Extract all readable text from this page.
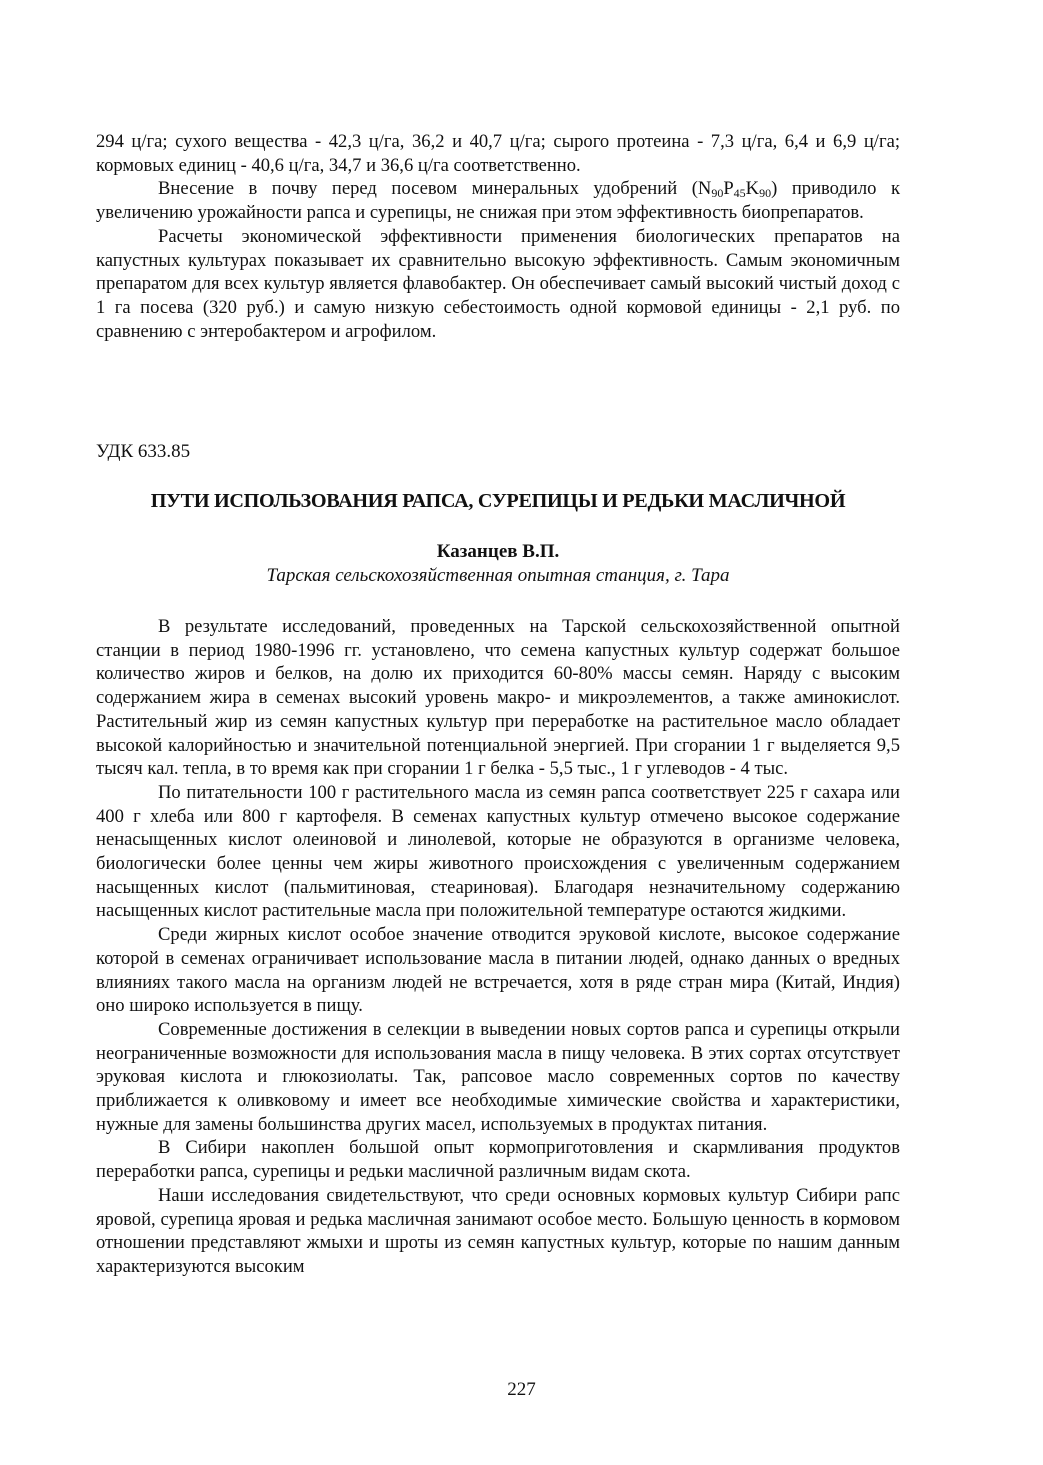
294 ц/га; сухого вещества - 42,3 ц/га, 36,2 и 40,7 ц/га; сырого протеина - 7,3 ц/га, 6,4 и 6,9 ц/га; кормовых единиц - 40,6 ц/га, 34,7 и 36,6 ц/га соответственно.

Внесение в почву перед посевом минеральных удобрений $(N_{90}P_{45}K_{90})$ приводило к увеличению урожайности рапса и сурепицы, не снижая при этом эффективность биопрепаратов.

Расчеты экономической эффективности применения биологических препаратов на капустных культурах показывает их сравнительно высокую эффективность. Самым экономичным препаратом для всех культур является флавобактер. Он обеспечивает самый высокий чистый доход с 1 га посева (320 руб.) и самую низкую себестоимость одной кормовой единицы - 2,1 руб. по сравнению с энтеробактером и агрофилом.

УДК 633.85

ПУТИ ИСПОЛЬЗОВАНИЯ РАПСА, СУРЕПИЦЫ И РЕДЬКИ МАСЛИЧНОЙ

Казанцев В.П.

Тарская сельскохозяйственная опытная станция, г. Тара

В результате исследований, проведенных на Тарской сельскохозяйственной опытной станции в период 1980-1996 гг. установлено, что семена капустных культур содержат большое количество жиров и белков, на долю их приходится 60-80% массы семян. Наряду с высоким содержанием жира в семенах высокий уровень макро- и микроэлементов, а также аминокислот. Растительный жир из семян капустных культур при переработке на растительное масло обладает высокой калорийностью и значительной потенциальной энергией. При сгорании 1 г выделяется 9,5 тысяч кал. тепла, в то время как при сгорании 1 г белка - 5,5 тыс., 1 г углеводов - 4 тыс.

По питательности 100 г растительного масла из семян рапса соответствует 225 г сахара или 400 г хлеба или 800 г картофеля. В семенах капустных культур отмечено высокое содержание ненасыщенных кислот олеиновой и линолевой, которые не образуются в организме человека, биологически более ценны чем жиры животного происхождения с увеличенным содержанием насыщенных кислот (пальмитиновая, стеариновая). Благодаря незначительному содержанию насыщенных кислот растительные масла при положительной температуре остаются жидкими.

Среди жирных кислот особое значение отводится эруковой кислоте, высокое содержание которой в семенах ограничивает использование масла в питании людей, однако данных о вредных влияниях такого масла на организм людей не встречается, хотя в ряде стран мира (Китай, Индия) оно широко используется в пищу.

Современные достижения в селекции в выведении новых сортов рапса и сурепицы открыли неограниченные возможности для использования масла в пищу человека. В этих сортах отсутствует эруковая кислота и глюкозиолаты. Так, рапсовое масло современных сортов по качеству приближается к оливковому и имеет все необходимые химические свойства и характеристики, нужные для замены большинства других масел, используемых в продуктах питания.

В Сибири накоплен большой опыт кормоприготовления и скармливания продуктов переработки рапса, сурепицы и редьки масличной различным видам скота.

Наши исследования свидетельствуют, что среди основных кормовых культур Сибири рапс яровой, сурепица яровая и редька масличная занимают особое место. Большую ценность в кормовом отношении представляют жмыхи и шроты из семян капустных культур, которые по нашим данным характеризуются высоким

227
